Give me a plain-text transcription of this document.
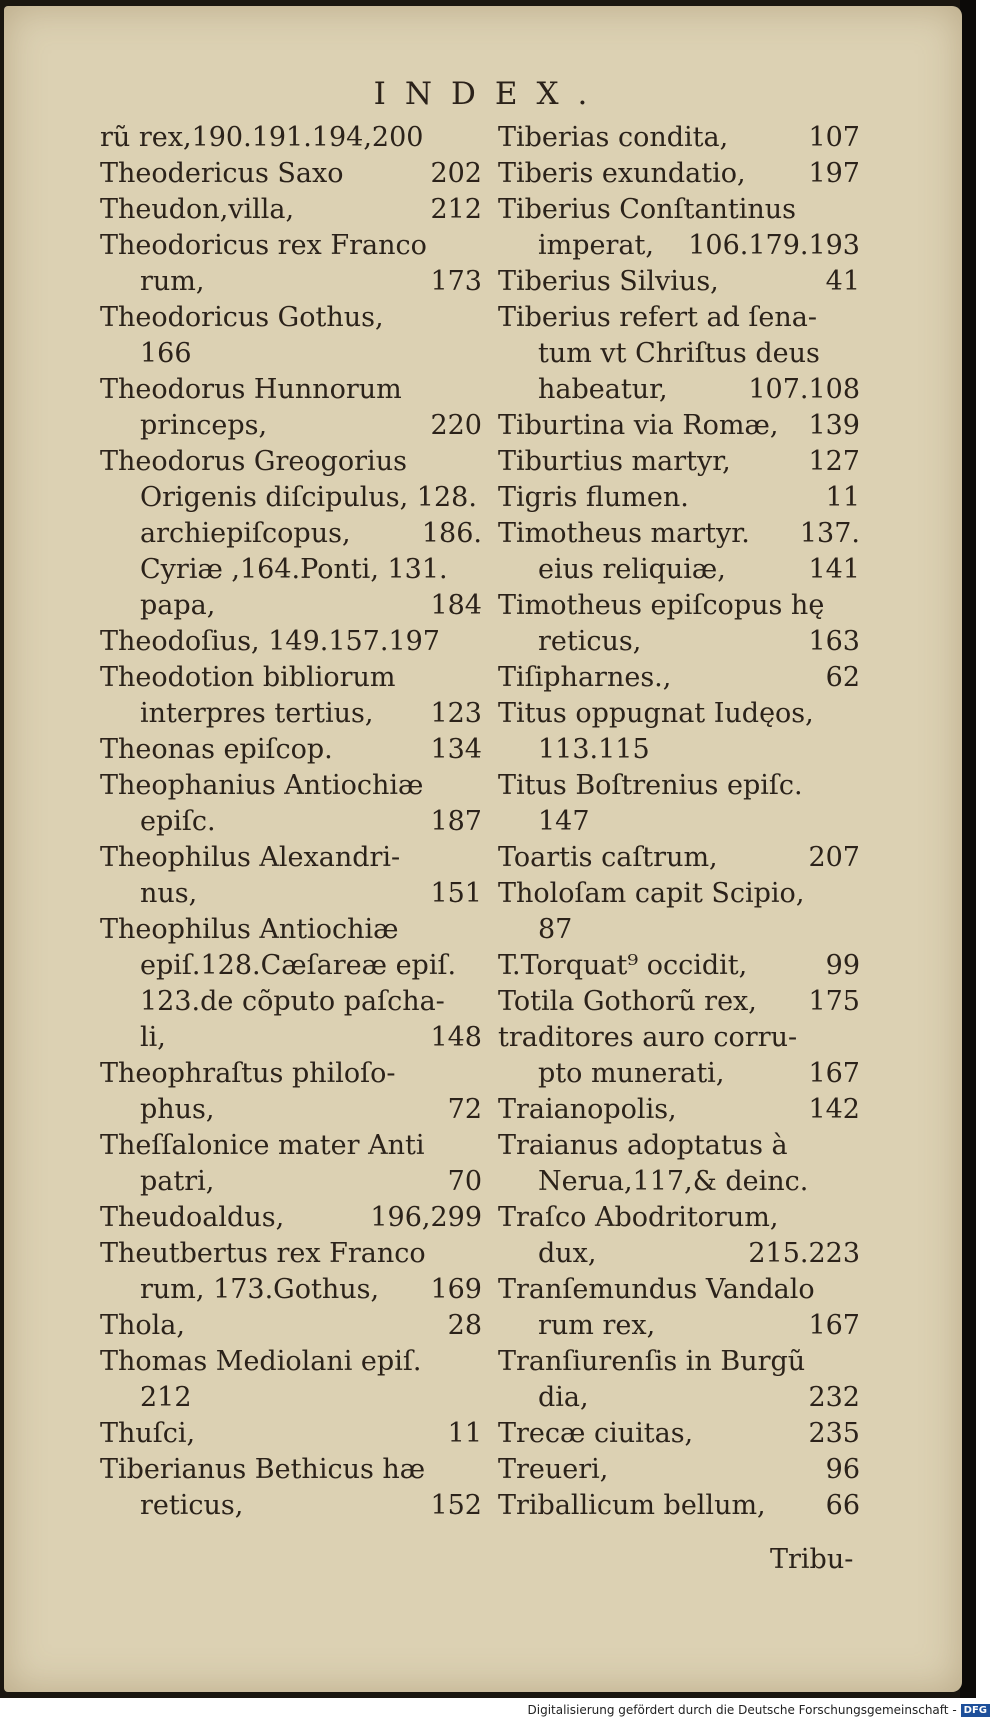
INDEX.
rũ rex,190.191.194,200
Theodericus Saxo	202
Theudon,villa,	212
Theodoricus rex Franco
rum,	173
Theodoricus Gothus,
166
Theodorus Hunnorum
princeps,	220
Theodorus Greogorius
Origenis diſcipulus, 128.
archiepiſcopus,	186.
Cyriæ ,164.Ponti, 131.
papa,	184
Theodoſius, 149.157.197
Theodotion bibliorum
interpres tertius, 123
Theonas epiſcop.	134
Theophanius Antiochiæ
epiſc.	187
Theophilus Alexandri-
nus,	151
Theophilus Antiochiæ
epiſ.128.Cæſareæ epiſ.
123.de cõputo paſcha-
li,	148
Theophraſtus philoſo-
phus,	72
Theſſalonice mater Anti
patri,	70
Theudoaldus,	196,299
Theutbertus rex Franco
rum, 173.Gothus, 169
Thola,	28
Thomas Mediolani epiſ.
212
Thuſci,	11
Tiberianus Bethicus hæ
reticus,	152
Tiberias condita,	107
Tiberis exundatio, 197
Tiberius Conſtantinus
imperat, 106.179.193
Tiberius Silvius,	41
Tiberius refert ad ſena-
tum vt Chriſtus deus
habeatur,	107.108
Tiburtina via Romæ, 139
Tiburtius martyr,	127
Tigris flumen.	11
Timotheus martyr. 137.
eius reliquiæ,	141
Timotheus epiſcopus hę
reticus,	163
Tiſipharnes.,	62
Titus oppugnat Iudęos,
113.115
Titus Boſtrenius epiſc.
147
Toartis caſtrum,	207
Tholoſam capit Scipio,
87
T.Torquat⁹ occidit,	99
Totila Gothorũ rex, 175
traditores auro corru-
pto munerati,	167
Traianopolis,	142
Traianus adoptatus à
Nerua,117,& deinc.
Traſco Abodritorum,
dux,	215.223
Tranſemundus Vandalo
rum rex,	167
Tranſiurenſis in Burgũ
dia,	232
Trecæ ciuitas,	235
Treueri,	96
Triballicum bellum, 66
Tribu-
Digitalisierung gefördert durch die Deutsche Forschungsgemeinschaft - DFG
